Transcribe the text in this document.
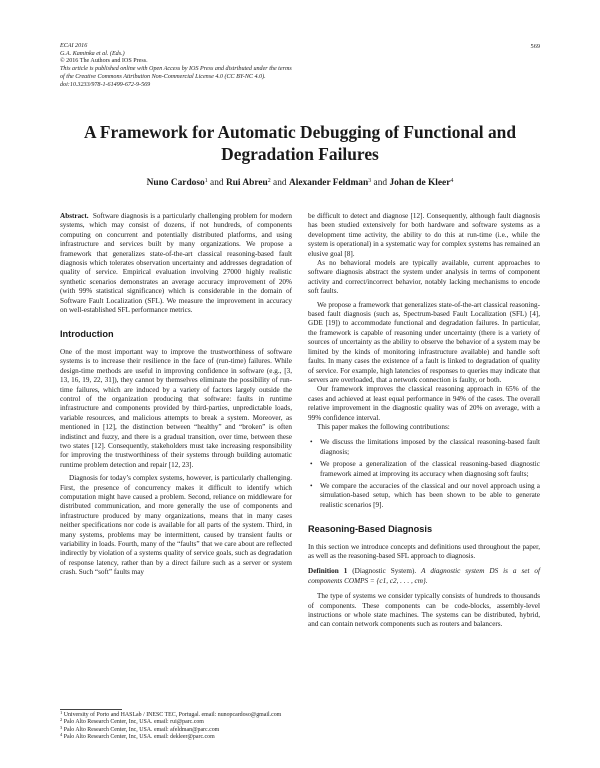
ECAI 2016
G.A. Kaminka et al. (Eds.)
© 2016 The Authors and IOS Press.
This article is published online with Open Access by IOS Press and distributed under the terms
of the Creative Commons Attribution Non-Commercial License 4.0 (CC BY-NC 4.0).
doi:10.3233/978-1-61499-672-9-569
569
A Framework for Automatic Debugging of Functional and Degradation Failures
Nuno Cardoso$^1$ and Rui Abreu$^2$ and Alexander Feldman$^3$ and Johan de Kleer$^4$

Abstract. Software diagnosis is a particularly challenging problem for modern systems, which may consist of dozens, if not hundreds, of components computing on concurrent and potentially distributed platforms, and using infrastructure and services built by many organizations. We propose a framework that generalizes state-of-the-art classical reasoning-based fault diagnosis which tolerates observation uncertainty and addresses degradation of quality of service. Empirical evaluation involving 27000 highly realistic synthetic scenarios demonstrates an average accuracy improvement of 20% (with 99% statistical significance) which is considerable in the domain of Software Fault Localization (SFL). We measure the improvement in accuracy on well-established SFL performance metrics.

Introduction

One of the most important way to improve the trustworthiness of software systems is to increase their resilience in the face of (run-time) failures. While design-time methods are useful in improving confidence in software (e.g., [3, 13, 16, 19, 22, 31]), they cannot by themselves eliminate the possibility of run-time failures, which are induced by a variety of factors largely outside the control of the organization producing that software: faults in runtime infrastructure and components provided by third-parties, unpredictable loads, variable resources, and malicious attempts to break a system. Moreover, as mentioned in [12], the distinction between “healthy” and “broken” is often indistinct and fuzzy, and there is a gradual transition, over time, between these two states [12]. Consequently, stakeholders must take increasing responsibility for improving the trustworthiness of their systems through building automatic runtime problem detection and repair [12, 23].

Diagnosis for today’s complex systems, however, is particularly challenging. First, the presence of concurrency makes it difficult to identify which computation might have caused a problem. Second, reliance on middleware for distributed communication, and more generally the use of components and infrastructure produced by many organizations, means that in many cases neither specifications nor code is available for all parts of the system. Third, in many systems, problems may be intermittent, caused by transient faults or variability in loads. Fourth, many of the “faults” that we care about are reflected indirectly by violation of a systems quality of service goals, such as degradation of response latency, rather than by a direct failure such as a server or system crash. Such “soft” faults may

be difficult to detect and diagnose [12]. Consequently, although fault diagnosis has been studied extensively for both hardware and software systems as a development time activity, the ability to do this at run-time (i.e., while the system is operational) in a systematic way for complex systems has remained an elusive goal [8].

As no behavioral models are typically available, current approaches to software diagnosis abstract the system under analysis in terms of component activity and correct/incorrect behavior, notably lacking mechanisms to encode soft faults.

We propose a framework that generalizes state-of-the-art classical reasoning-based fault diagnosis (such as, Spectrum-based Fault Localization (SFL) [4], GDE [19]) to accommodate functional and degradation failures. In particular, the framework is capable of reasoning under uncertainty (there is a variety of sources of uncertainty as the ability to observe the behavior of a system may be limited by the kinds of monitoring infrastructure available) and handle soft faults. In many cases the existence of a fault is linked to degradation of quality of service. For example, high latencies of responses to queries may indicate that servers are overloaded, that a network connection is faulty, or both.

Our framework improves the classical reasoning approach in 65% of the cases and achieved at least equal performance in 94% of the cases. The overall relative improvement in the diagnostic quality was of 20% on average, with a 99% confidence interval.

This paper makes the following contributions:

• We discuss the limitations imposed by the classical reasoning-based fault diagnosis;
• We propose a generalization of the classical reasoning-based diagnostic framework aimed at improving its accuracy when diagnosing soft faults;
• We compare the accuracies of the classical and our novel approach using a simulation-based setup, which has been shown to be able to generate realistic scenarios [9].
Reasoning-Based Diagnosis

In this section we introduce concepts and definitions used throughout the paper, as well as the reasoning-based SFL approach to diagnosis.

Definition 1 (Diagnostic System). A diagnostic system DS is a set of components COMPS = {c1, c2, . . . , cm}.

The type of systems we consider typically consists of hundreds to thousands of components. These components can be code-blocks, assembly-level instructions or whole state machines. The systems can be distributed, hybrid, and can contain network components such as routers and balancers.

$^1$ University of Porto and HASLab / INESC TEC, Portugal. email: nunopcardoso@gmail.com
$^2$ Palo Alto Research Center, Inc, USA. email: rui@parc.com
$^3$ Palo Alto Research Center, Inc, USA. email: afeldman@parc.com
$^4$ Palo Alto Research Center, Inc, USA. email: dekleer@parc.com
